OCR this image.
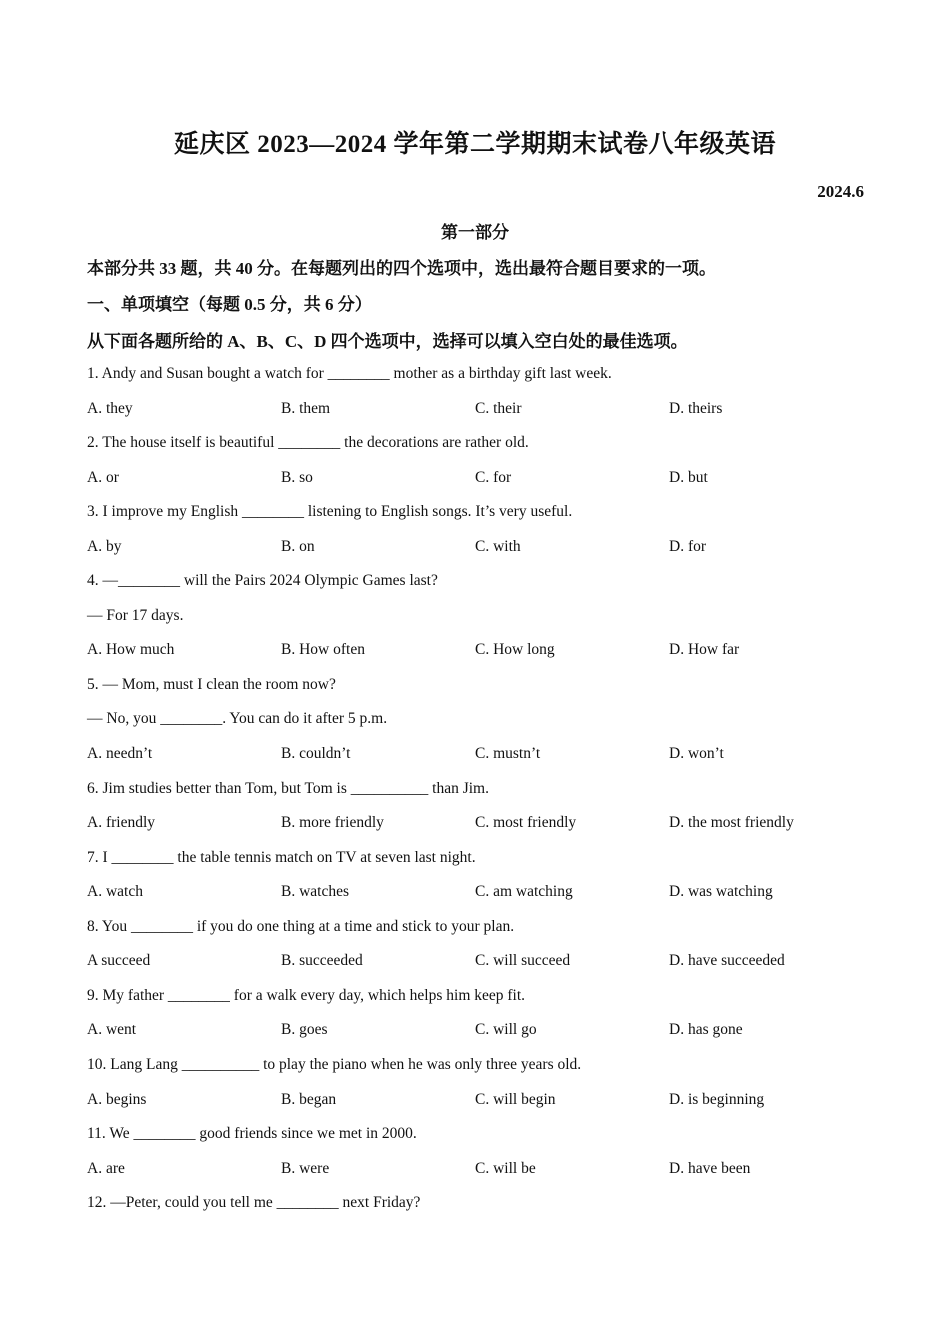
延庆区 2023—2024 学年第二学期期末试卷八年级英语
2024.6
第一部分
本部分共 33 题，共 40 分。在每题列出的四个选项中，选出最符合题目要求的一项。
一、单项填空（每题 0.5 分，共 6 分）
从下面各题所给的 A、B、C、D 四个选项中，选择可以填入空白处的最佳选项。
1. Andy and Susan bought a watch for ________ mother as a birthday gift last week.
A. they	B. them	C. their	D. theirs
2. The house itself is beautiful ________ the decorations are rather old.
A. or	B. so	C. for	D. but
3. I improve my English ________ listening to English songs. It’s very useful.
A. by	B. on	C. with	D. for
4. —________ will the Pairs 2024 Olympic Games last?
— For 17 days.
A. How much	B. How often	C. How long	D. How far
5. — Mom, must I clean the room now?
— No, you ________. You can do it after 5 p.m.
A. needn’t	B. couldn’t	C. mustn’t	D. won’t
6. Jim studies better than Tom, but Tom is __________ than Jim.
A. friendly	B. more friendly	C. most friendly	D. the most friendly
7. I ________ the table tennis match on TV at seven last night.
A. watch	B. watches	C. am watching	D. was watching
8. You ________ if you do one thing at a time and stick to your plan.
A succeed	B. succeeded	C. will succeed	D. have succeeded
9. My father ________ for a walk every day, which helps him keep fit.
A. went	B. goes	C. will go	D. has gone
10. Lang Lang __________ to play the piano when he was only three years old.
A. begins	B. began	C. will begin	D. is beginning
11. We ________ good friends since we met in 2000.
A. are	B. were	C. will be	D. have been
12. —Peter, could you tell me ________ next Friday?
